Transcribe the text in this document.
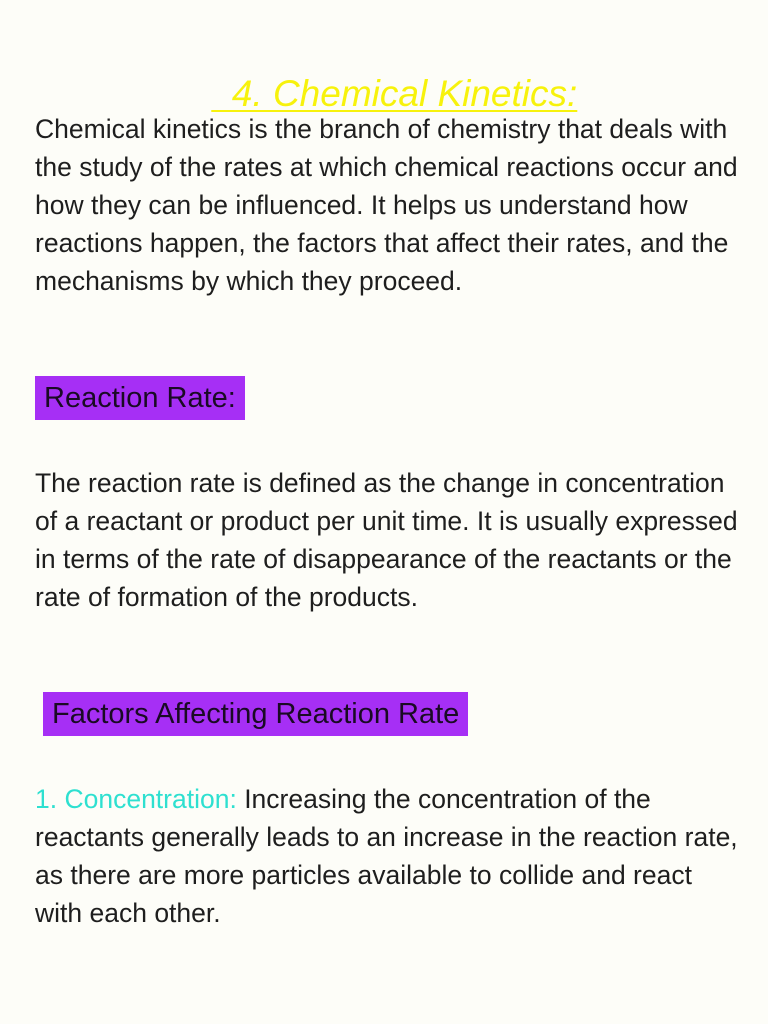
4. Chemical Kinetics:

Chemical kinetics is the branch of chemistry that deals with the study of the rates at which chemical reactions occur and how they can be influenced. It helps us understand how reactions happen, the factors that affect their rates, and the mechanisms by which they proceed.

Reaction Rate:

The reaction rate is defined as the change in concentration of a reactant or product per unit time. It is usually expressed in terms of the rate of disappearance of the reactants or the rate of formation of the products.

Factors Affecting Reaction Rate

1. Concentration: Increasing the concentration of the reactants generally leads to an increase in the reaction rate, as there are more particles available to collide and react with each other.
